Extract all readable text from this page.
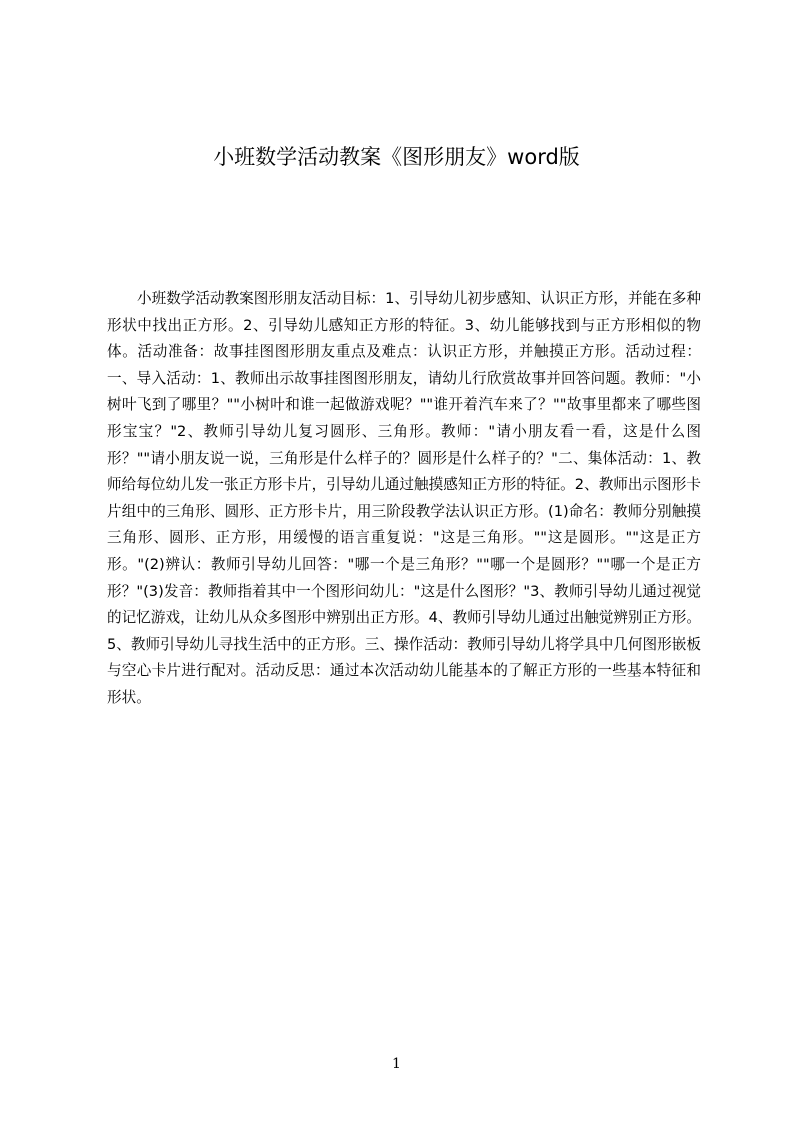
小班数学活动教案《图形朋友》word版

小班数学活动教案图形朋友活动目标：1、引导幼儿初步感知、认识正方形，并能在多种形状中找出正方形。2、引导幼儿感知正方形的特征。3、幼儿能够找到与正方形相似的物体。活动准备：故事挂图图形朋友重点及难点：认识正方形，并触摸正方形。活动过程：一、导入活动：1、教师出示故事挂图图形朋友，请幼儿行欣赏故事并回答问题。教师："小树叶飞到了哪里？""小树叶和谁一起做游戏呢？""谁开着汽车来了？""故事里都来了哪些图形宝宝？"2、教师引导幼儿复习圆形、三角形。教师："请小朋友看一看，这是什么图形？""请小朋友说一说，三角形是什么样子的？圆形是什么样子的？"二、集体活动：1、教师给每位幼儿发一张正方形卡片，引导幼儿通过触摸感知正方形的特征。2、教师出示图形卡片组中的三角形、圆形、正方形卡片，用三阶段教学法认识正方形。(1)命名：教师分别触摸三角形、圆形、正方形，用缓慢的语言重复说："这是三角形。""这是圆形。""这是正方形。"(2)辨认：教师引导幼儿回答："哪一个是三角形？""哪一个是圆形？""哪一个是正方形？"(3)发音：教师指着其中一个图形问幼儿："这是什么图形？"3、教师引导幼儿通过视觉的记忆游戏，让幼儿从众多图形中辨别出正方形。4、教师引导幼儿通过出触觉辨别正方形。5、教师引导幼儿寻找生活中的正方形。三、操作活动：教师引导幼儿将学具中几何图形嵌板与空心卡片进行配对。活动反思：通过本次活动幼儿能基本的了解正方形的一些基本特征和形状。

1
